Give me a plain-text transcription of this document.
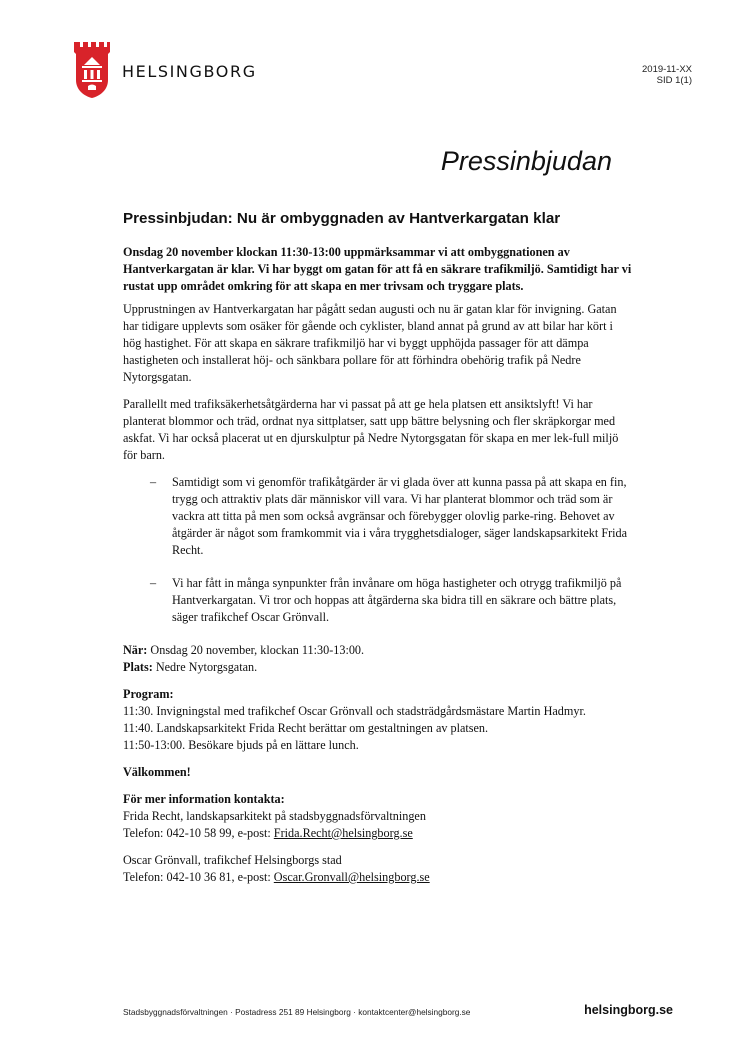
HELSINGBORG	2019-11-XX
SID 1(1)
Pressinbjudan
Pressinbjudan: Nu är ombyggnaden av Hantverkargatan klar

Onsdag 20 november klockan 11:30-13:00 uppmärksammar vi att ombyggnationen av Hantverkargatan är klar. Vi har byggt om gatan för att få en säkrare trafikmiljö. Samtidigt har vi rustat upp området omkring för att skapa en mer trivsam och tryggare plats.

Upprustningen av Hantverkargatan har pågått sedan augusti och nu är gatan klar för invigning. Gatan har tidigare upplevts som osäker för gående och cyklister, bland annat på grund av att bilar har kört i hög hastighet. För att skapa en säkrare trafikmiljö har vi byggt upphöjda passager för att dämpa hastigheten och installerat höj- och sänkbara pollare för att förhindra obehörig trafik på Nedre Nytorgsgatan.

Parallellt med trafiksäkerhetsåtgärderna har vi passat på att ge hela platsen ett ansiktslyft! Vi har planterat blommor och träd, ordnat nya sittplatser, satt upp bättre belysning och fler skräpkorgar med askfat. Vi har också placerat ut en djurskulptur på Nedre Nytorgsgatan för skapa en mer lek-full miljö för barn.

– Samtidigt som vi genomför trafikåtgärder är vi glada över att kunna passa på att skapa en fin, trygg och attraktiv plats där människor vill vara. Vi har planterat blommor och träd som är vackra att titta på men som också avgränsar och förebygger olovlig parke-ring. Behovet av åtgärder är något som framkommit via i våra trygghetsdialoger, säger landskapsarkitekt Frida Recht.
– Vi har fått in många synpunkter från invånare om höga hastigheter och otrygg trafikmiljö på Hantverkargatan. Vi tror och hoppas att åtgärderna ska bidra till en säkrare och bättre plats, säger trafikchef Oscar Grönvall.

När: Onsdag 20 november, klockan 11:30-13:00.
Plats: Nedre Nytorgsgatan.

Program:
11:30. Invigningstal med trafikchef Oscar Grönvall och stadsträdgårdsmästare Martin Hadmyr.
11:40. Landskapsarkitekt Frida Recht berättar om gestaltningen av platsen.
11:50-13:00. Besökare bjuds på en lättare lunch.

Välkommen!

För mer information kontakta:
Frida Recht, landskapsarkitekt på stadsbyggnadsförvaltningen
Telefon: 042-10 58 99, e-post: Frida.Recht@helsingborg.se

Oscar Grönvall, trafikchef Helsingborgs stad
Telefon: 042-10 36 81, e-post: Oscar.Gronvall@helsingborg.se

Stadsbyggnadsförvaltningen · Postadress 251 89 Helsingborg · kontaktcenter@helsingborg.se	helsingborg.se
